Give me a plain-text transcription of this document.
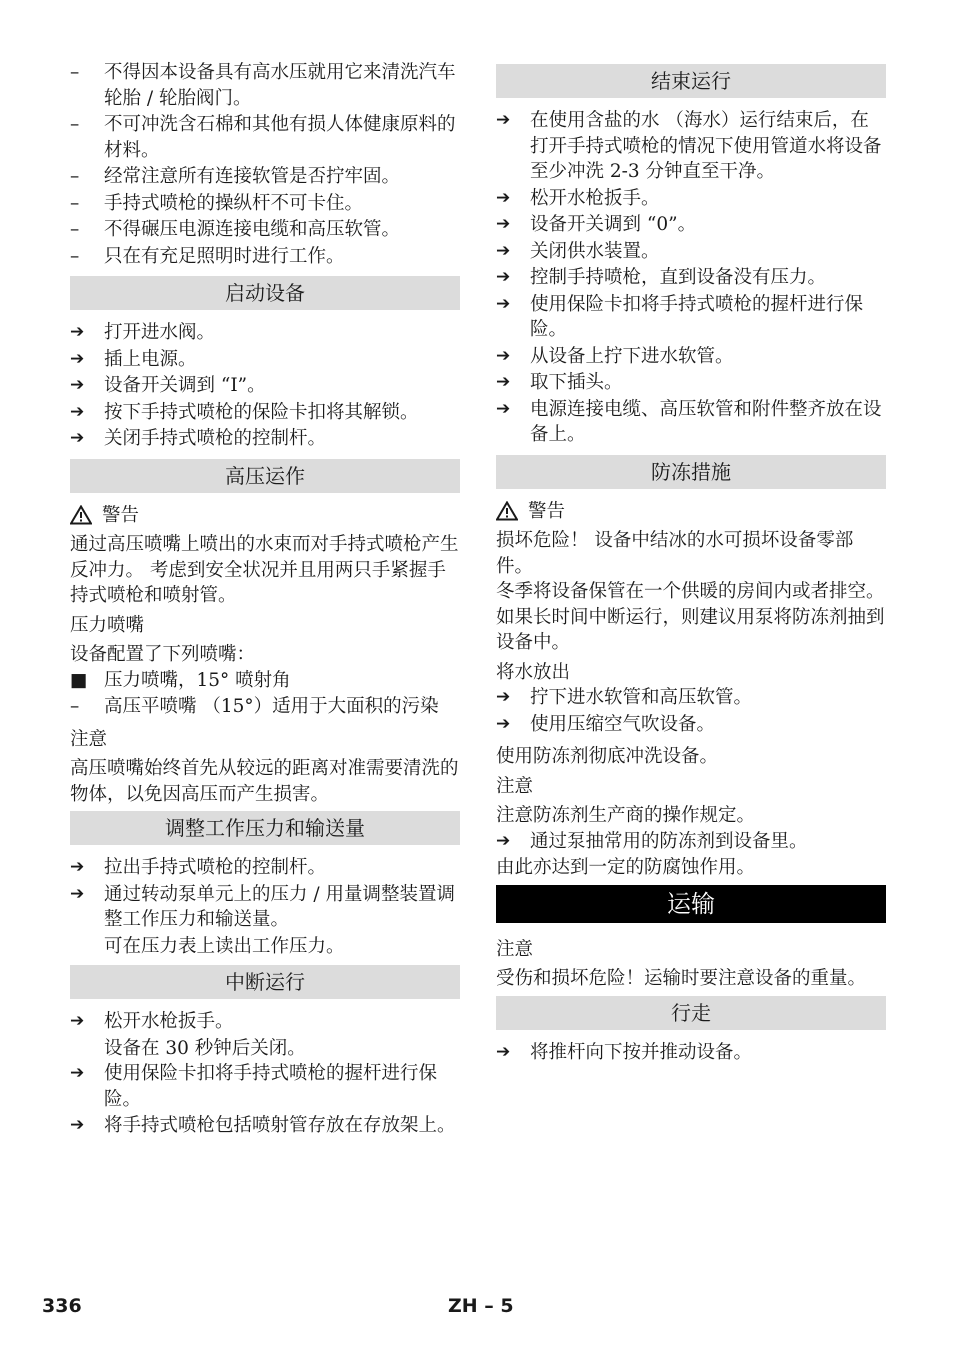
–	不得因本设备具有高水压就用它来清洗汽车轮胎 / 轮胎阀门。
–	不可冲洗含石棉和其他有损人体健康原料的材料。
–	经常注意所有连接软管是否拧牢固。
–	手持式喷枪的操纵杆不可卡住。
–	不得碾压电源连接电缆和高压软管。
–	只在有充足照明时进行工作。
启动设备
➔	打开进水阀。
➔	插上电源。
➔	设备开关调到 “I”。
➔	按下手持式喷枪的保险卡扣将其解锁。
➔	关闭手持式喷枪的控制杆。
高压运作
警告
通过高压喷嘴上喷出的水束而对手持式喷枪产生反冲力。 考虑到安全状况并且用两只手紧握手持式喷枪和喷射管。
压力喷嘴
设备配置了下列喷嘴：
■ 压力喷嘴，15° 喷射角
–	高压平喷嘴 （15°）适用于大面积的污染
注意
高压喷嘴始终首先从较远的距离对准需要清洗的物体，以免因高压而产生损害。
调整工作压力和输送量
➔	拉出手持式喷枪的控制杆。
➔	通过转动泵单元上的压力 / 用量调整装置调整工作压力和输送量。
可在压力表上读出工作压力。
中断运行
➔	松开水枪扳手。
设备在 30 秒钟后关闭。
➔	使用保险卡扣将手持式喷枪的握杆进行保险。
➔	将手持式喷枪包括喷射管存放在存放架上。
结束运行
➔	在使用含盐的水 （海水）运行结束后，在打开手持式喷枪的情况下使用管道水将设备至少冲洗 2-3 分钟直至干净。
➔	松开水枪扳手。
➔	设备开关调到 “0”。
➔	关闭供水装置。
➔	控制手持喷枪，直到设备没有压力。
➔	使用保险卡扣将手持式喷枪的握杆进行保险。
➔	从设备上拧下进水软管。
➔	取下插头。
➔	电源连接电缆、高压软管和附件整齐放在设备上。
防冻措施
警告
损坏危险！ 设备中结冰的水可损坏设备零部件。
冬季将设备保管在一个供暖的房间内或者排空。 如果长时间中断运行，则建议用泵将防冻剂抽到设备中。
将水放出
➔	拧下进水软管和高压软管。
➔	使用压缩空气吹设备。
使用防冻剂彻底冲洗设备。
注意
注意防冻剂生产商的操作规定。
➔	通过泵抽常用的防冻剂到设备里。
由此亦达到一定的防腐蚀作用。
运输
注意
受伤和损坏危险！运输时要注意设备的重量。
行走
➔	将推杆向下按并推动设备。
336	ZH – 5
